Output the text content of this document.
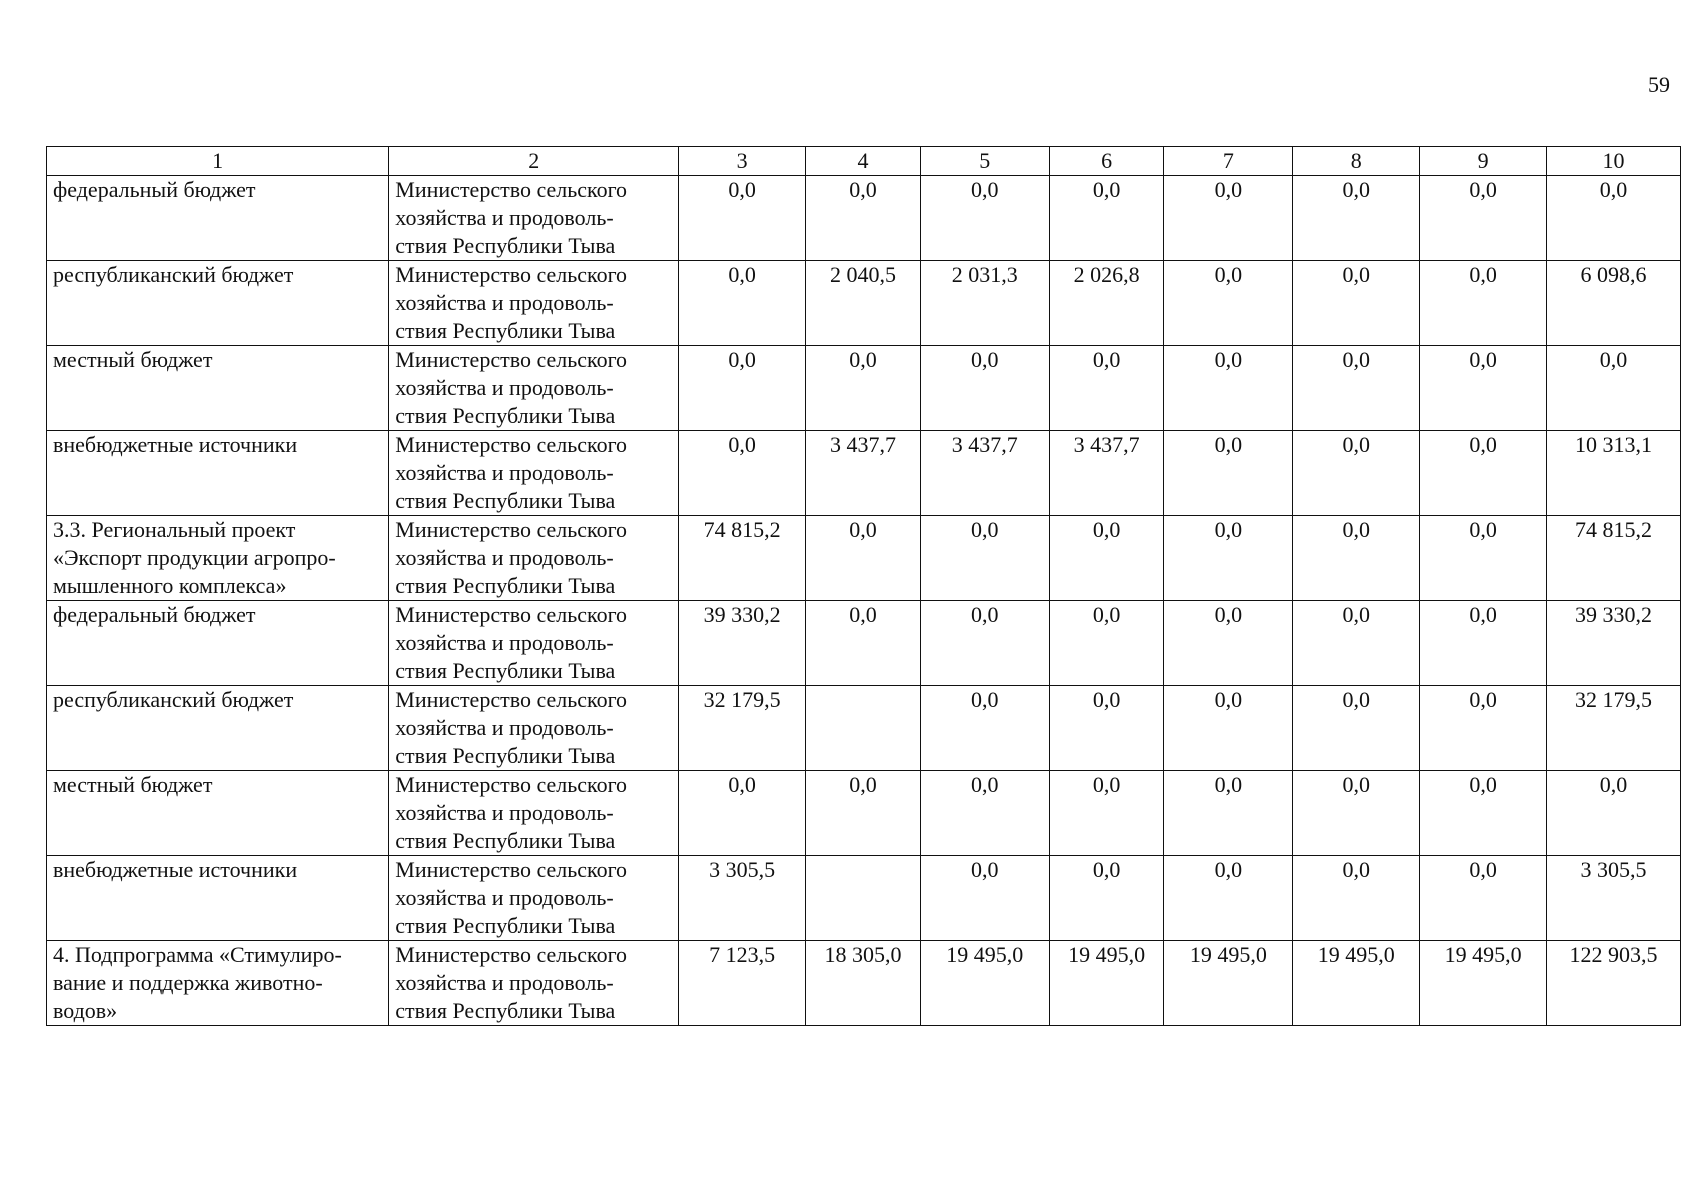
59
1	2	3	4	5	6	7	8	9	10

федеральный бюджет	Министерство сельского
хозяйства и продоволь-
ствия Республики Тыва	0,0	0,0	0,0	0,0	0,0	0,0	0,0	0,0

республиканский бюджет	Министерство сельского
хозяйства и продоволь-
ствия Республики Тыва	0,0	2 040,5	2 031,3	2 026,8	0,0	0,0	0,0	6 098,6

местный бюджет	Министерство сельского
хозяйства и продоволь-
ствия Республики Тыва	0,0	0,0	0,0	0,0	0,0	0,0	0,0	0,0

внебюджетные источники	Министерство сельского
хозяйства и продоволь-
ствия Республики Тыва	0,0	3 437,7	3 437,7	3 437,7	0,0	0,0	0,0	10 313,1

3.3. Региональный проект
«Экспорт продукции агропро-
мышленного комплекса»	Министерство сельского
хозяйства и продоволь-
ствия Республики Тыва	74 815,2	0,0	0,0	0,0	0,0	0,0	0,0	74 815,2

федеральный бюджет	Министерство сельского
хозяйства и продоволь-
ствия Республики Тыва	39 330,2	0,0	0,0	0,0	0,0	0,0	0,0	39 330,2

республиканский бюджет	Министерство сельского
хозяйства и продоволь-
ствия Республики Тыва	32 179,5		0,0	0,0	0,0	0,0	0,0	32 179,5

местный бюджет	Министерство сельского
хозяйства и продоволь-
ствия Республики Тыва	0,0	0,0	0,0	0,0	0,0	0,0	0,0	0,0

внебюджетные источники	Министерство сельского
хозяйства и продоволь-
ствия Республики Тыва	3 305,5		0,0	0,0	0,0	0,0	0,0	3 305,5

4. Подпрограмма «Стимулиро-
вание и поддержка животно-
водов»	Министерство сельского
хозяйства и продоволь-
ствия Республики Тыва	7 123,5	18 305,0	19 495,0	19 495,0	19 495,0	19 495,0	19 495,0	122 903,5
